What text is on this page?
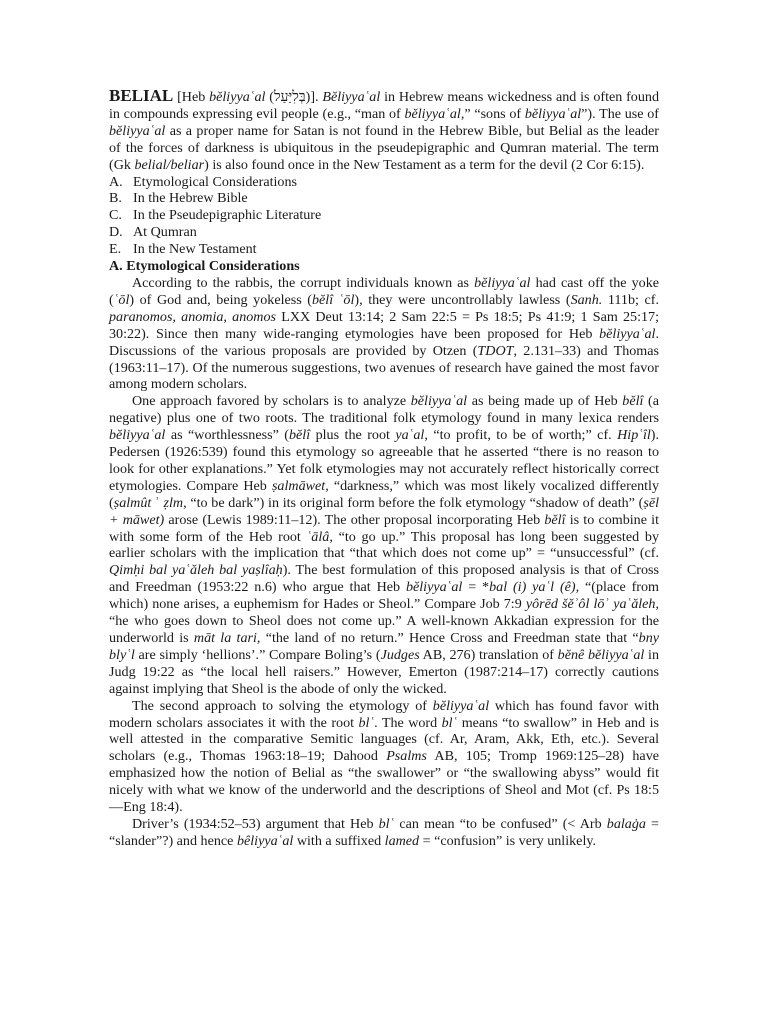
BELIAL [Heb bĕliyyaʿal (בְּלִיַּעַל)]. Bĕliyyaʿal in Hebrew means wickedness and is often found in compounds expressing evil people (e.g., “man of bĕliyyaʿal,” “sons of bĕliyyaʿal”). The use of bĕliyyaʿal as a proper name for Satan is not found in the Hebrew Bible, but Belial as the leader of the forces of darkness is ubiquitous in the pseudepigraphic and Qumran material. The term (Gk belial/beliar) is also found once in the New Testament as a term for the devil (2 Cor 6:15).

A. Etymological Considerations
B. In the Hebrew Bible
C. In the Pseudepigraphic Literature
D. At Qumran
E. In the New Testament

A. Etymological Considerations

According to the rabbis, the corrupt individuals known as bĕliyyaʿal had cast off the yoke (ʿōl) of God and, being yokeless (bĕlî ʿōl), they were uncontrollably lawless (Sanh. 111b; cf. paranomos, anomia, anomos LXX Deut 13:14; 2 Sam 22:5 = Ps 18:5; Ps 41:9; 1 Sam 25:17; 30:22). Since then many wide-ranging etymologies have been proposed for Heb bĕliyyaʿal. Discussions of the various proposals are provided by Otzen (TDOT, 2.131–33) and Thomas (1963:11–17). Of the numerous suggestions, two avenues of research have gained the most favor among modern scholars.

One approach favored by scholars is to analyze bĕliyyaʿal as being made up of Heb bĕlî (a negative) plus one of two roots. The traditional folk etymology found in many lexica renders bĕliyyaʿal as “worthlessness” (bĕlî plus the root yaʿal, “to profit, to be of worth;” cf. Hipʿîl). Pedersen (1926:539) found this etymology so agreeable that he asserted “there is no reason to look for other explanations.” Yet folk etymologies may not accurately reflect historically correct etymologies. Compare Heb ṣalmāwet, “darkness,” which was most likely vocalized differently (ṣalmût ʾ ẓlm, “to be dark”) in its original form before the folk etymology “shadow of death” (ṣēl + māwet) arose (Lewis 1989:11–12). The other proposal incorporating Heb bĕlî is to combine it with some form of the Heb root ʿālâ, “to go up.” This proposal has long been suggested by earlier scholars with the implication that “that which does not come up” = “unsuccessful” (cf. Qimḥi bal yaʿăleh bal yaṣlîaḥ). The best formulation of this proposed analysis is that of Cross and Freedman (1953:22 n.6) who argue that Heb bĕliyyaʿal = *bal (i) yaʿl (ê), “(place from which) none arises, a euphemism for Hades or Sheol.” Compare Job 7:9 yôrēd šĕʾôl lōʾ yaʿăleh, “he who goes down to Sheol does not come up.” A well-known Akkadian expression for the underworld is māt la tari, “the land of no return.” Hence Cross and Freedman state that “bny blyʿl are simply ‘hellions’.” Compare Boling’s (Judges AB, 276) translation of bĕnê bĕliyyaʿal in Judg 19:22 as “the local hell raisers.” However, Emerton (1987:214–17) correctly cautions against implying that Sheol is the abode of only the wicked.

The second approach to solving the etymology of bĕliyyaʿal which has found favor with modern scholars associates it with the root blʿ. The word blʿ means “to swallow” in Heb and is well attested in the comparative Semitic languages (cf. Ar, Aram, Akk, Eth, etc.). Several scholars (e.g., Thomas 1963:18–19; Dahood Psalms AB, 105; Tromp 1969:125–28) have emphasized how the notion of Belial as “the swallower” or “the swallowing abyss” would fit nicely with what we know of the underworld and the descriptions of Sheol and Mot (cf. Ps 18:5—Eng 18:4).

Driver’s (1934:52–53) argument that Heb blʿ can mean “to be confused” (< Arb balaġa = “slander”?) and hence bêliyyaʿal with a suffixed lamed = “confusion” is very unlikely.
